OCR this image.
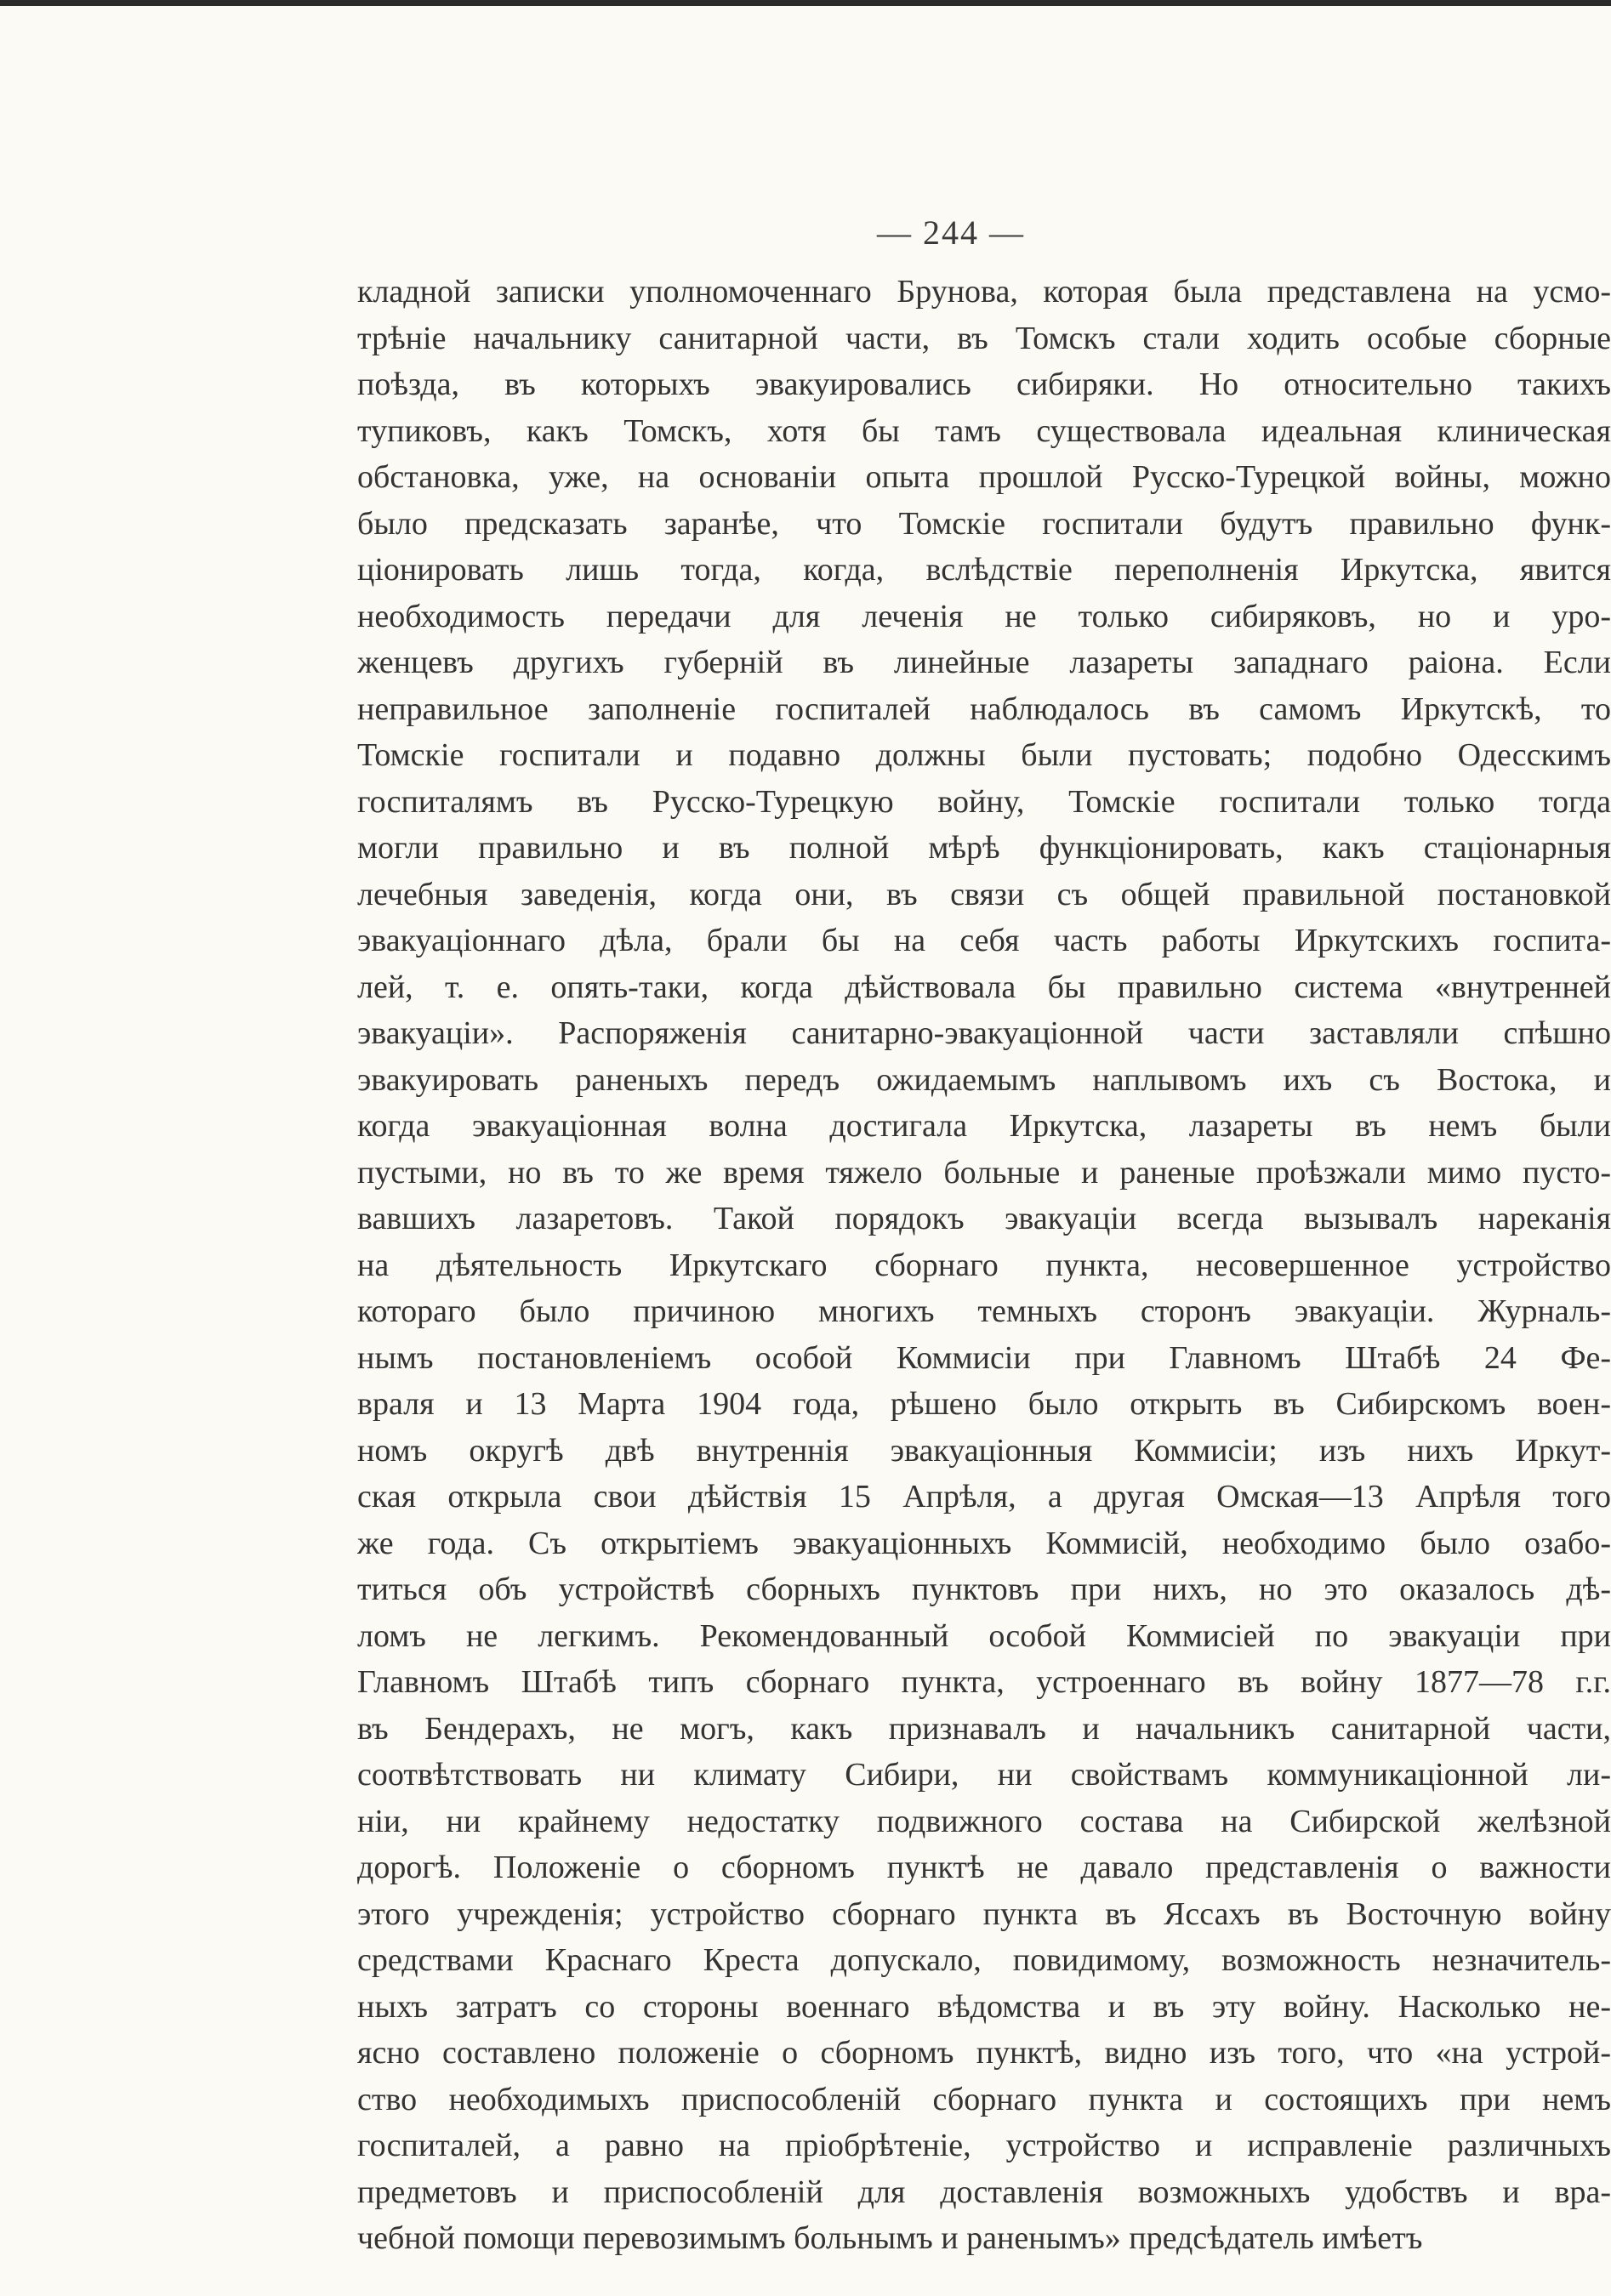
— 244 —
кладной записки уполномоченнаго Брунова, которая была представлена на усмо-
трѣніе начальнику санитарной части, въ Томскъ стали ходить особые сборные
поѣзда, въ которыхъ эвакуировались сибиряки. Но относительно такихъ
тупиковъ, какъ Томскъ, хотя бы тамъ существовала идеальная клиническая
обстановка, уже, на основаніи опыта прошлой Русско-Турецкой войны, можно
было предсказать заранѣе, что Томскіе госпитали будутъ правильно функ-
ціонировать лишь тогда, когда, вслѣдствіе переполненія Иркутска, явится
необходимость передачи для леченія не только сибиряковъ, но и уро-
женцевъ другихъ губерній въ линейные лазареты западнаго раіона. Если
неправильное заполненіе госпиталей наблюдалось въ самомъ Иркутскѣ, то
Томскіе госпитали и подавно должны были пустовать; подобно Одесскимъ
госпиталямъ въ Русско-Турецкую войну, Томскіе госпитали только тогда
могли правильно и въ полной мѣрѣ функціонировать, какъ стаціонарныя
лечебныя заведенія, когда они, въ связи съ общей правильной постановкой
эвакуаціоннаго дѣла, брали бы на себя часть работы Иркутскихъ госпита-
лей, т. е. опять-таки, когда дѣйствовала бы правильно система «внутренней
эвакуаціи». Распоряженія санитарно-эвакуаціонной части заставляли спѣшно
эвакуировать раненыхъ передъ ожидаемымъ наплывомъ ихъ съ Востока, и
когда эвакуаціонная волна достигала Иркутска, лазареты въ немъ были
пустыми, но въ то же время тяжело больные и раненые проѣзжали мимо пусто-
вавшихъ лазаретовъ. Такой порядокъ эвакуаціи всегда вызывалъ нареканія
на дѣятельность Иркутскаго сборнаго пункта, несовершенное устройство
котораго было причиною многихъ темныхъ сторонъ эвакуаціи. Журналь-
нымъ постановленіемъ особой Коммисіи при Главномъ Штабѣ 24 Фе-
враля и 13 Марта 1904 года, рѣшено было открыть въ Сибирскомъ воен-
номъ округѣ двѣ внутреннія эвакуаціонныя Коммисіи; изъ нихъ Иркут-
ская открыла свои дѣйствія 15 Апрѣля, а другая Омская—13 Апрѣля того
же года. Съ открытіемъ эвакуаціонныхъ Коммисій, необходимо было озабо-
титься объ устройствѣ сборныхъ пунктовъ при нихъ, но это оказалось дѣ-
ломъ не легкимъ. Рекомендованный особой Коммисіей по эвакуаціи при
Главномъ Штабѣ типъ сборнаго пункта, устроеннаго въ войну 1877—78 г.г.
въ Бендерахъ, не могъ, какъ признавалъ и начальникъ санитарной части,
соотвѣтствовать ни климату Сибири, ни свойствамъ коммуникаціонной ли-
ніи, ни крайнему недостатку подвижного состава на Сибирской желѣзной
дорогѣ. Положеніе о сборномъ пунктѣ не давало представленія о важности
этого учрежденія; устройство сборнаго пункта въ Яссахъ въ Восточную войну
средствами Краснаго Креста допускало, повидимому, возможность незначитель-
ныхъ затратъ со стороны военнаго вѣдомства и въ эту войну. Насколько не-
ясно составлено положеніе о сборномъ пунктѣ, видно изъ того, что «на устрой-
ство необходимыхъ приспособленій сборнаго пункта и состоящихъ при немъ
госпиталей, а равно на пріобрѣтеніе, устройство и исправленіе различныхъ
предметовъ и приспособленій для доставленія возможныхъ удобствъ и вра-
чебной помощи перевозимымъ больнымъ и раненымъ» предсѣдатель имѣетъ
